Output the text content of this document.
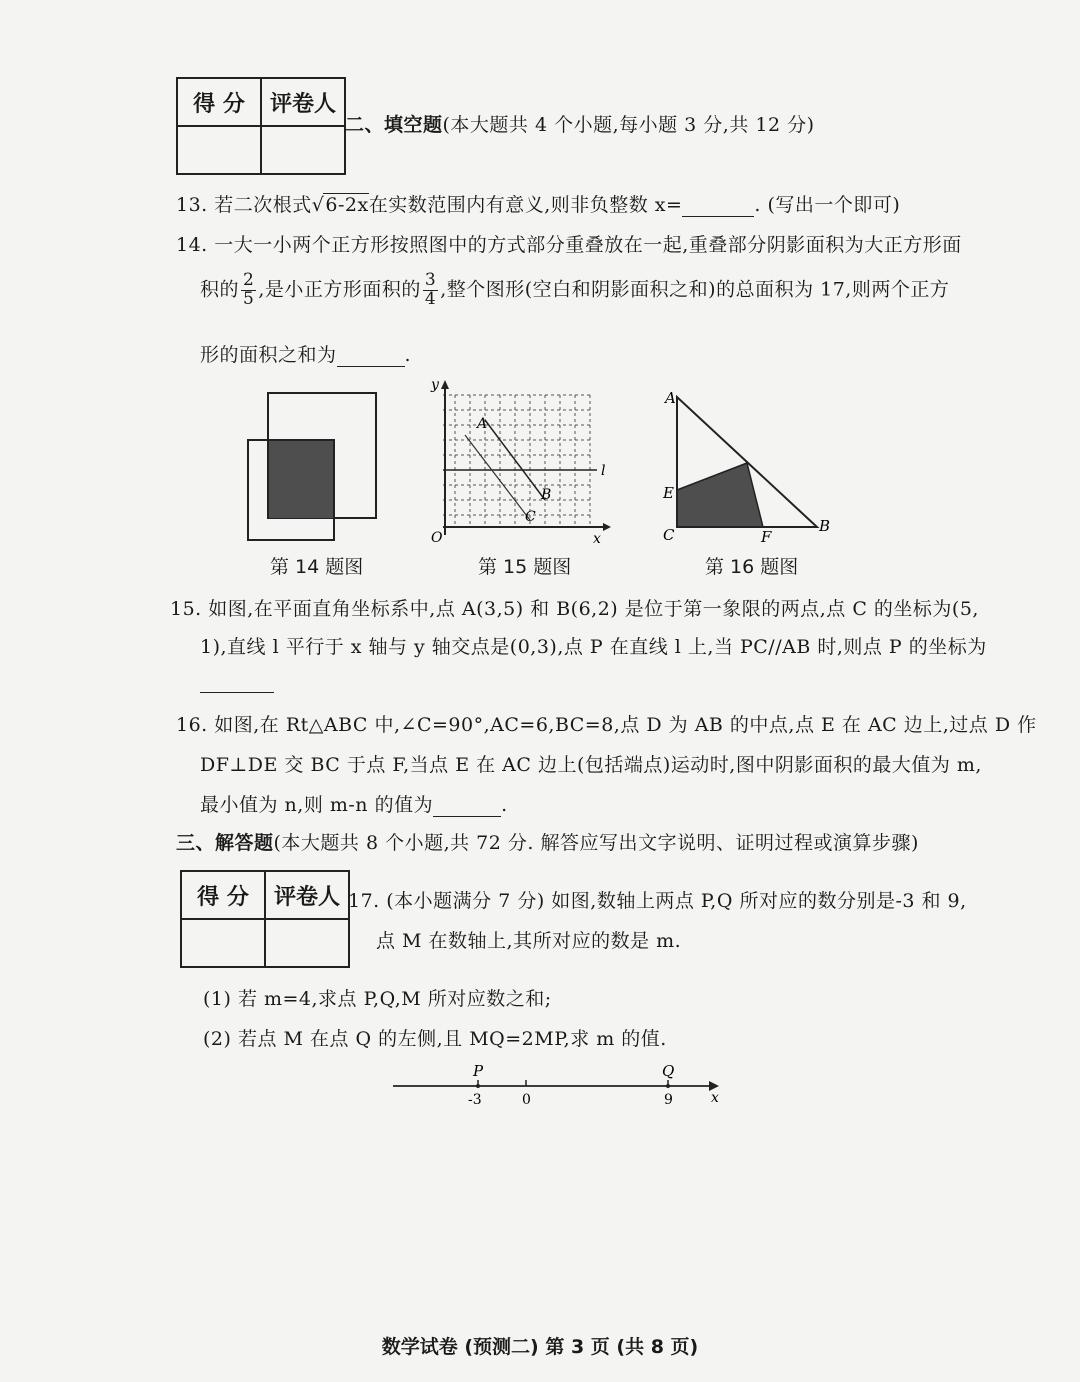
得 分	评卷人

二、填空题(本大题共 4 个小题,每小题 3 分,共 12 分)
13. 若二次根式√6-2x在实数范围内有意义,则非负整数 x=	. (写出一个即可)
14. 一大一小两个正方形按照图中的方式部分重叠放在一起,重叠部分阴影面积为大正方形面
积的 $\frac{2}{5}$ ,是小正方形面积的 $\frac{3}{4}$ ,整个图形(空白和阴影面积之和)的总面积为 17,则两个正方
形的面积之和为	.
第 14 题图
y
x
O
l
A
B
C
第 15 题图
A
B
C
E
F
第 16 题图
15. 如图,在平面直角坐标系中,点 A(3,5) 和 B(6,2) 是位于第一象限的两点,点 C 的坐标为(5,
1),直线 l 平行于 x 轴与 y 轴交点是(0,3),点 P 在直线 l 上,当 PC//AB 时,则点 P 的坐标为
16. 如图,在 Rt△ABC 中,∠C=90°,AC=6,BC=8,点 D 为 AB 的中点,点 E 在 AC 边上,过点 D 作
DF⊥DE 交 BC 于点 F,当点 E 在 AC 边上(包括端点)运动时,图中阴影面积的最大值为 m,
最小值为 n,则 m-n 的值为	.
三、解答题(本大题共 8 个小题,共 72 分. 解答应写出文字说明、证明过程或演算步骤)
得 分	评卷人
	17. (本小题满分 7 分) 如图,数轴上两点 P,Q 所对应的数分别是-3 和 9,
点 M 在数轴上,其所对应的数是 m.
(1) 若 m=4,求点 P,Q,M 所对应数之和;
(2) 若点 M 在点 Q 的左侧,且 MQ=2MP,求 m 的值.
P	Q
-3	0	9	x
数学试卷 (预测二) 第 3 页 (共 8 页)
